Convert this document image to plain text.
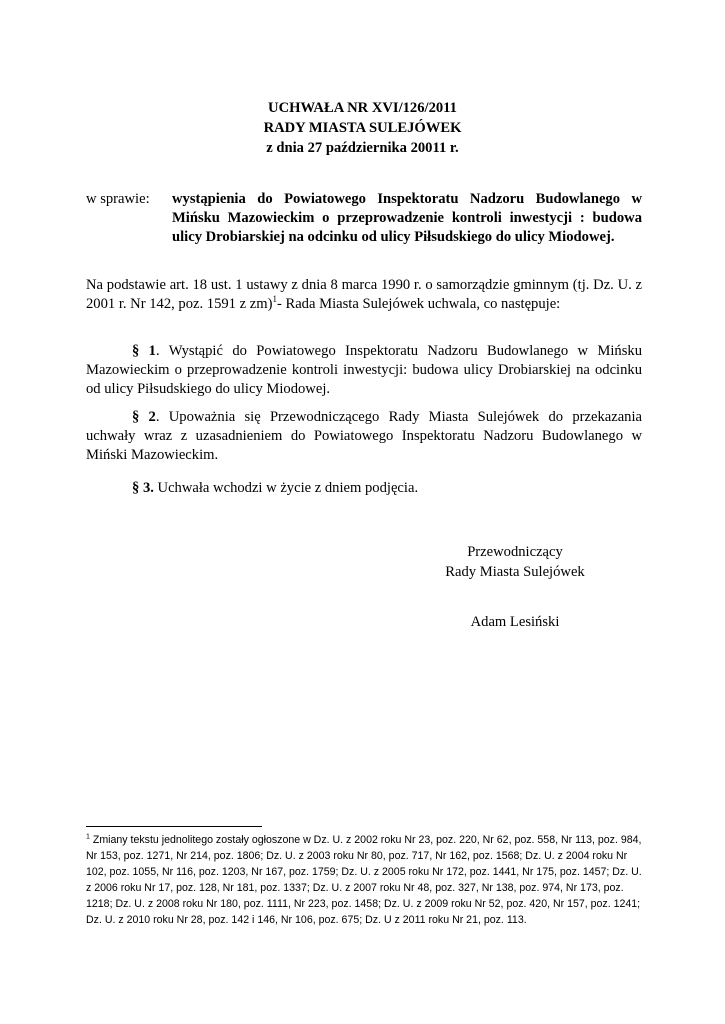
UCHWAŁA NR XVI/126/2011
RADY MIASTA SULEJÓWEK
z dnia 27 października 20011 r.
w sprawie: wystąpienia do Powiatowego Inspektoratu Nadzoru Budowlanego w Mińsku Mazowieckim o przeprowadzenie kontroli inwestycji : budowa ulicy Drobiarskiej na odcinku od ulicy Piłsudskiego do ulicy Miodowej.
Na podstawie art. 18 ust. 1 ustawy z dnia 8 marca 1990 r. o samorządzie gminnym (tj. Dz. U. z 2001 r. Nr 142, poz. 1591 z zm)$^1$- Rada Miasta Sulejówek uchwala, co następuje:
§ 1. Wystąpić do Powiatowego Inspektoratu Nadzoru Budowlanego w Mińsku Mazowieckim o przeprowadzenie kontroli inwestycji: budowa ulicy Drobiarskiej na odcinku od ulicy Piłsudskiego do ulicy Miodowej.
§ 2. Upoważnia się Przewodniczącego Rady Miasta Sulejówek do przekazania uchwały wraz z uzasadnieniem do Powiatowego Inspektoratu Nadzoru Budowlanego w Miński Mazowieckim.
§ 3. Uchwała wchodzi w życie z dniem podjęcia.
Przewodniczący
Rady Miasta Sulejówek
Adam Lesiński
$^1$ Zmiany tekstu jednolitego zostały ogłoszone w Dz. U. z 2002 roku Nr 23, poz. 220, Nr 62, poz. 558, Nr 113, poz. 984, Nr 153, poz. 1271, Nr 214, poz. 1806; Dz. U. z 2003 roku Nr 80, poz. 717, Nr 162, poz. 1568; Dz. U. z 2004 roku Nr 102, poz. 1055, Nr 116, poz. 1203, Nr 167, poz. 1759; Dz. U. z 2005 roku Nr 172, poz. 1441, Nr 175, poz. 1457; Dz. U. z 2006 roku Nr 17, poz. 128, Nr 181, poz. 1337; Dz. U. z 2007 roku Nr 48, poz. 327, Nr 138, poz. 974, Nr 173, poz. 1218; Dz. U. z 2008 roku Nr 180, poz. 1111, Nr 223, poz. 1458; Dz. U. z 2009 roku Nr 52, poz. 420, Nr 157, poz. 1241; Dz. U. z 2010 roku Nr 28, poz. 142 i 146, Nr 106, poz. 675; Dz. U z 2011 roku Nr 21, poz. 113.
